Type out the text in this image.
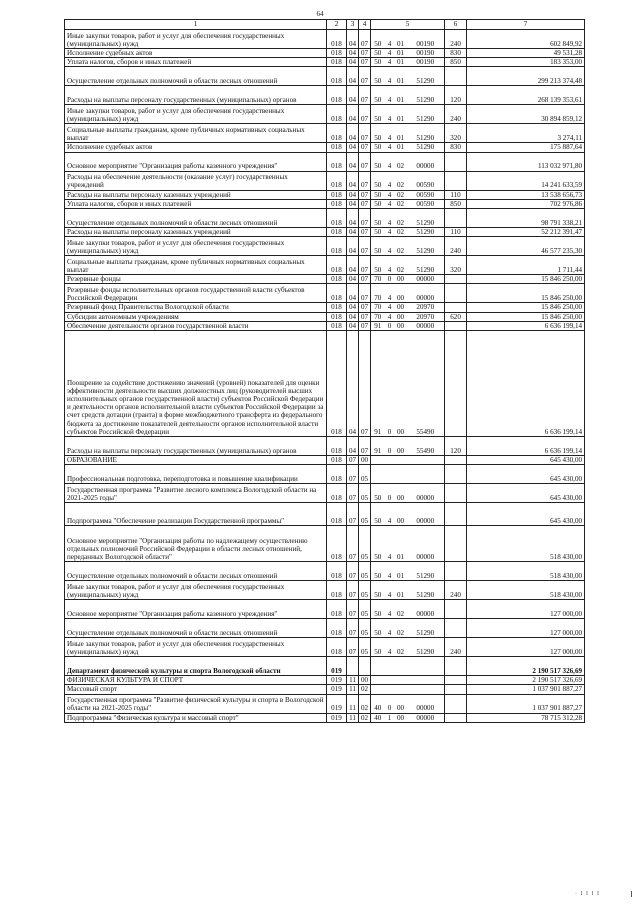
64
1	2	3	4	5				6	7
Иные закупки товаров, работ и услуг для обеспечения государственных (муниципальных) нужд	018	04	07	50	4	01	00190	240	602 849,92
Исполнение судебных актов	018	04	07	50	4	01	00190	830	49 531,28
Уплата налогов, сборов и иных платежей	018	04	07	50	4	01	00190	850	183 353,00
Осуществление отдельных полномочий в области лесных отношений	018	04	07	50	4	01	51290		299 213 374,48
Расходы на выплаты персоналу государственных (муниципальных) органов	018	04	07	50	4	01	51290	120	268 139 353,61
Иные закупки товаров, работ и услуг для обеспечения государственных (муниципальных) нужд	018	04	07	50	4	01	51290	240	30 894 859,12
Социальные выплаты гражданам, кроме публичных нормативных социальных выплат	018	04	07	50	4	01	51290	320	3 274,11
Исполнение судебных актов	018	04	07	50	4	01	51290	830	175 887,64
Основное мероприятие "Организация работы казенного учреждения"	018	04	07	50	4	02	00000		113 032 971,80
Расходы на обеспечение деятельности (оказание услуг) государственных учреждений	018	04	07	50	4	02	00590		14 241 633,59
Расходы на выплаты персоналу казенных учреждений	018	04	07	50	4	02	00590	110	13 538 656,73
Уплата налогов, сборов и иных платежей	018	04	07	50	4	02	00590	850	702 976,86
Осуществление отдельных полномочий в области лесных отношений	018	04	07	50	4	02	51290		98 791 338,21
Расходы на выплаты персоналу казенных учреждений	018	04	07	50	4	02	51290	110	52 212 391,47
Иные закупки товаров, работ и услуг для обеспечения государственных (муниципальных) нужд	018	04	07	50	4	02	51290	240	46 577 235,30
Социальные выплаты гражданам, кроме публичных нормативных социальных выплат	018	04	07	50	4	02	51290	320	1 711,44
Резервные фонды	018	04	07	70	0	00	00000		15 846 250,00
Резервные фонды исполнительных органов государственной власти субъектов Российской Федерации	018	04	07	70	4	00	00000		15 846 250,00
Резервный фонд Правительства Вологодской области	018	04	07	70	4	00	20970		15 846 250,00
Субсидии автономным учреждениям	018	04	07	70	4	00	20970	620	15 846 250,00
Обеспечение деятельности органов государственной власти	018	04	07	91	0	00	00000		6 636 199,14
Поощрение за содействие достижению значений (уровней) показателей для оценки эффективности деятельности высших должностных лиц (руководителей высших исполнительных органов государственной власти) субъектов Российской Федерации и деятельности органов исполнительной власти субъектов Российской Федерации за счет средств дотации (гранта) в форме межбюджетного трансферта из федерального бюджета за достижение показателей деятельности органов исполнительной власти субъектов Российской Федерации	018	04	07	91	0	00	55490		6 636 199,14
Расходы на выплаты персоналу государственных (муниципальных) органов	018	04	07	91	0	00	55490	120	6 636 199,14
ОБРАЗОВАНИЕ	018	07	00						645 430,00
Профессиональная подготовка, переподготовка и повышение квалификации	018	07	05						645 430,00
Государственная программа "Развитие лесного комплекса Вологодской области на 2021-2025 годы"	018	07	05	50	0	00	00000		645 430,00
Подпрограмма "Обеспечение реализации Государственной программы"	018	07	05	50	4	00	00000		645 430,00
Основное мероприятие "Организация работы по надлежащему осуществлению отдельных полномочий Российской Федерации в области лесных отношений, переданных Вологодской области"	018	07	05	50	4	01	00000		518 430,00
Осуществление отдельных полномочий в области лесных отношений	018	07	05	50	4	01	51290		518 430,00
Иные закупки товаров, работ и услуг для обеспечения государственных (муниципальных) нужд	018	07	05	50	4	01	51290	240	518 430,00
Основное мероприятие "Организация работы казенного учреждения"	018	07	05	50	4	02	00000		127 000,00
Осуществление отдельных полномочий в области лесных отношений	018	07	05	50	4	02	51290		127 000,00
Иные закупки товаров, работ и услуг для обеспечения государственных (муниципальных) нужд	018	07	05	50	4	02	51290	240	127 000,00
Департамент физической культуры и спорта Вологодской области	019								2 190 517 326,69
ФИЗИЧЕСКАЯ КУЛЬТУРА И СПОРТ	019	11	00						2 190 517 326,69
Массовый спорт	019	11	02						1 037 901 887,27
Государственная программа "Развитие физической культуры и спорта в Вологодской области на 2021-2025 годы"	019	11	02	40	0	00	00000		1 037 901 887,27
Подпрограмма "Физическая культура и массовый спорт"	019	11	02	40	1	00	00000		78 715 312,28
· I I I I
